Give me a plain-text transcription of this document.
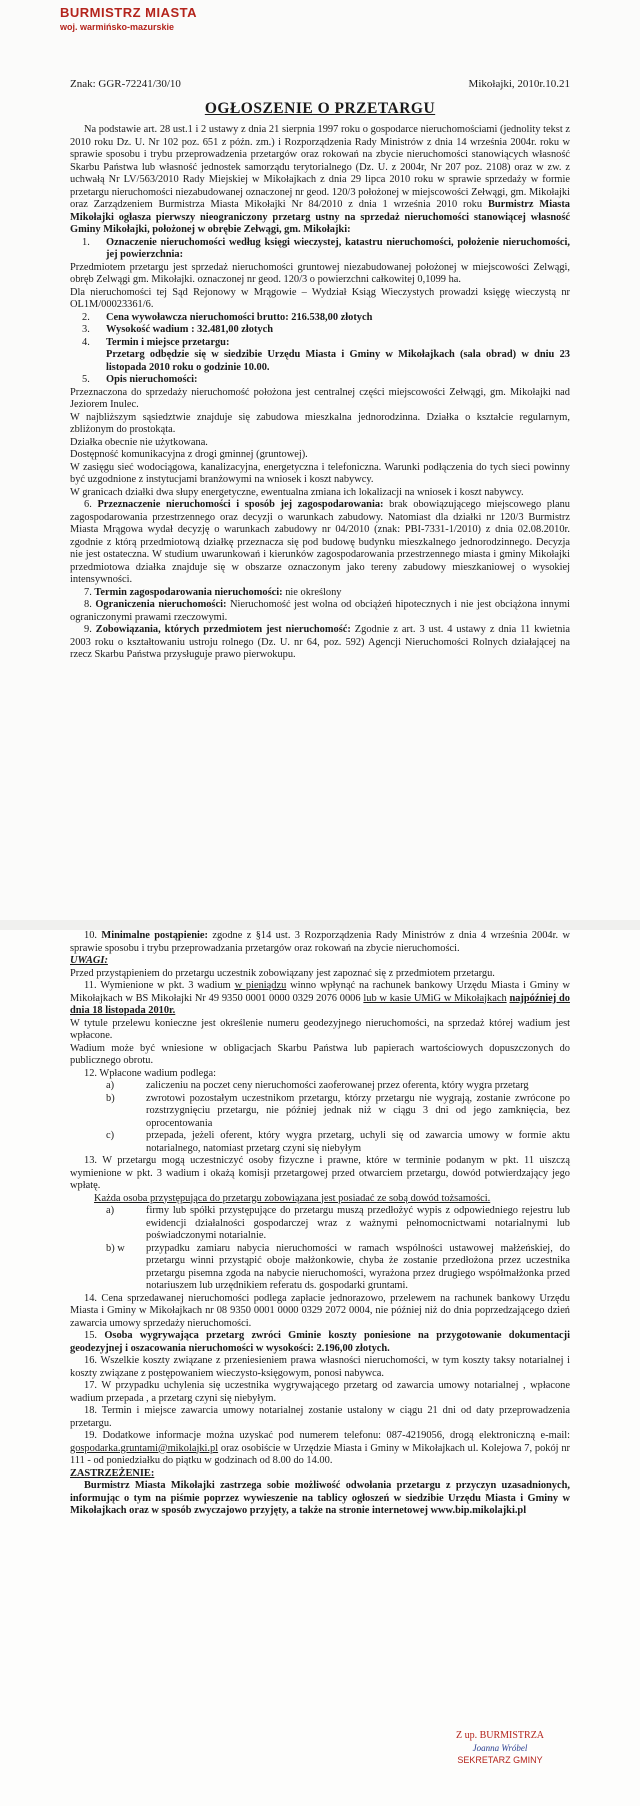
BURMISTRZ MIASTA
woj. warmińsko-mazurskie
Znak: GGR-72241/30/10	Mikołajki, 2010r.10.21
OGŁOSZENIE O PRZETARGU

Na podstawie art. 28 ust.1 i 2 ustawy z dnia 21 sierpnia 1997 roku o gospodarce nieruchomościami (jednolity tekst z 2010 roku Dz. U. Nr 102 poz. 651 z późn. zm.) i Rozporządzenia Rady Ministrów z dnia 14 września 2004r. roku w sprawie sposobu i trybu przeprowadzenia przetargów oraz rokowań na zbycie nieruchomości stanowiących własność Skarbu Państwa lub własność jednostek samorządu terytorialnego (Dz. U. z 2004r, Nr 207 poz. 2108) oraz w zw. z uchwałą Nr LV/563/2010 Rady Miejskiej w Mikołajkach z dnia 29 lipca 2010 roku w sprawie sprzedaży w formie przetargu nieruchomości niezabudowanej oznaczonej nr geod. 120/3 położonej w miejscowości Zełwągi, gm. Mikołajki oraz Zarządzeniem Burmistrza Miasta Mikołajki Nr 84/2010 z dnia 1 września 2010 roku Burmistrz Miasta Mikołajki ogłasza pierwszy nieograniczony przetarg ustny na sprzedaż nieruchomości stanowiącej własność Gminy Mikołajki, położonej w obrębie Zełwągi, gm. Mikołajki:

1.	Oznaczenie nieruchomości według księgi wieczystej, katastru nieruchomości, położenie nieruchomości, jej powierzchnia:

Przedmiotem przetargu jest sprzedaż nieruchomości gruntowej niezabudowanej położonej w miejscowości Zelwągi, obręb Zelwągi gm. Mikołajki. oznaczonej nr geod. 120/3 o powierzchni całkowitej 0,1099 ha.

Dla nieruchomości tej Sąd Rejonowy w Mrągowie – Wydział Ksiąg Wieczystych prowadzi księgę wieczystą nr OL1M/00023361/6.

2.	Cena wywoławcza nieruchomości brutto: 216.538,00 złotych
3.	Wysokość wadium : 32.481,00 złotych
4.	Termin i miejsce przetargu:

Przetarg odbędzie się w siedzibie Urzędu Miasta i Gminy w Mikołajkach (sala obrad) w dniu 23 listopada 2010 roku o godzinie 10.00.

5.	Opis nieruchomości:

Przeznaczona do sprzedaży nieruchomość położona jest centralnej części miejscowości Zełwągi, gm. Mikołajki nad Jeziorem Inulec.

W najbliższym sąsiedztwie znajduje się zabudowa mieszkalna jednorodzinna. Działka o kształcie regularnym, zbliżonym do prostokąta.

Działka obecnie nie użytkowana.

Dostępność komunikacyjna z drogi gminnej (gruntowej).

W zasięgu sieć wodociągowa, kanalizacyjna, energetyczna i telefoniczna. Warunki podłączenia do tych sieci powinny być uzgodnione z instytucjami branżowymi na wniosek i koszt nabywcy.

W granicach działki dwa słupy energetyczne, ewentualna zmiana ich lokalizacji na wniosek i koszt nabywcy.

6. Przeznaczenie nieruchomości i sposób jej zagospodarowania: brak obowiązującego miejscowego planu zagospodarowania przestrzennego oraz decyzji o warunkach zabudowy. Natomiast dla działki nr 120/3 Burmistrz Miasta Mrągowa wydał decyzję o warunkach zabudowy nr 04/2010 (znak: PBI-7331-1/2010) z dnia 02.08.2010r. zgodnie z którą przedmiotową działkę przeznacza się pod budowę budynku mieszkalnego jednorodzinnego. Decyzja nie jest ostateczna. W studium uwarunkowań i kierunków zagospodarowania przestrzennego miasta i gminy Mikołajki przedmiotowa działka znajduje się w obszarze oznaczonym jako tereny zabudowy mieszkaniowej o wysokiej intensywności.

7. Termin zagospodarowania nieruchomości: nie określony

8. Ograniczenia nieruchomości: Nieruchomość jest wolna od obciążeń hipotecznych i nie jest obciążona innymi ograniczonymi prawami rzeczowymi.

9. Zobowiązania, których przedmiotem jest nieruchomość: Zgodnie z art. 3 ust. 4 ustawy z dnia 11 kwietnia 2003 roku o kształtowaniu ustroju rolnego (Dz. U. nr 64, poz. 592) Agencji Nieruchomości Rolnych działającej na rzecz Skarbu Państwa przysługuje prawo pierwokupu.

10. Minimalne postąpienie: zgodne z §14 ust. 3 Rozporządzenia Rady Ministrów z dnia 4 września 2004r. w sprawie sposobu i trybu przeprowadzania przetargów oraz rokowań na zbycie nieruchomości.

UWAGI:

Przed przystąpieniem do przetargu uczestnik zobowiązany jest zapoznać się z przedmiotem przetargu.

11. Wymienione w pkt. 3 wadium w pieniądzu winno wpłynąć na rachunek bankowy Urzędu Miasta i Gminy w Mikołajkach w BS Mikołajki Nr 49 9350 0001 0000 0329 2076 0006 lub w kasie UMiG w Mikołajkach najpóźniej do dnia 18 listopada 2010r.

W tytule przelewu konieczne jest określenie numeru geodezyjnego nieruchomości, na sprzedaż której wadium jest wpłacone.

Wadium może być wniesione w obligacjach Skarbu Państwa lub papierach wartościowych dopuszczonych do publicznego obrotu.

12. Wpłacone wadium podlega:

a)	zaliczeniu na poczet ceny nieruchomości zaoferowanej przez oferenta, który wygra przetarg
b)	zwrotowi pozostałym uczestnikom przetargu, którzy przetargu nie wygrają, zostanie zwrócone po rozstrzygnięciu przetargu, nie później jednak niż w ciągu 3 dni od jego zamknięcia, bez oprocentowania
c)	przepada, jeżeli oferent, który wygra przetarg, uchyli się od zawarcia umowy w formie aktu notarialnego, natomiast przetarg czyni się niebyłym

13. W przetargu mogą uczestniczyć osoby fizyczne i prawne, które w terminie podanym w pkt. 11 uiszczą wymienione w pkt. 3 wadium i okażą komisji przetargowej przed otwarciem przetargu, dowód potwierdzający jego wpłatę.

Każda osoba przystępująca do przetargu zobowiązana jest posiadać ze sobą dowód tożsamości.

a)	firmy lub spółki przystępujące do przetargu muszą przedłożyć wypis z odpowiedniego rejestru lub ewidencji działalności gospodarczej wraz z ważnymi pełnomocnictwami notarialnymi lub poświadczonymi notarialnie.
b) w	przypadku zamiaru nabycia nieruchomości w ramach wspólności ustawowej małżeńskiej, do przetargu winni przystąpić oboje małżonkowie, chyba że zostanie przedłożona przez uczestnika przetargu pisemna zgoda na nabycie nieruchomości, wyrażona przez drugiego współmałżonka przed notariuszem lub urzędnikiem referatu ds. gospodarki gruntami.

14. Cena sprzedawanej nieruchomości podlega zapłacie jednorazowo, przelewem na rachunek bankowy Urzędu Miasta i Gminy w Mikołajkach nr 08 9350 0001 0000 0329 2072 0004, nie później niż do dnia poprzedzającego dzień zawarcia umowy sprzedaży nieruchomości.

15. Osoba wygrywająca przetarg zwróci Gminie koszty poniesione na przygotowanie dokumentacji geodezyjnej i oszacowania nieruchomości w wysokości: 2.196,00 złotych.

16. Wszelkie koszty związane z przeniesieniem prawa własności nieruchomości, w tym koszty taksy notarialnej i koszty związane z postępowaniem wieczysto-księgowym, ponosi nabywca.

17. W przypadku uchylenia się uczestnika wygrywającego przetarg od zawarcia umowy notarialnej , wpłacone wadium przepada , a przetarg czyni się niebyłym.

18. Termin i miejsce zawarcia umowy notarialnej zostanie ustalony w ciągu 21 dni od daty przeprowadzenia przetargu.

19. Dodatkowe informacje można uzyskać pod numerem telefonu: 087-4219056, drogą elektroniczną e-mail: gospodarka.gruntami@mikolajki.pl oraz osobiście w Urzędzie Miasta i Gminy w Mikołajkach ul. Kolejowa 7, pokój nr 111 - od poniedziałku do piątku w godzinach od 8.00 do 14.00.

ZASTRZEŻENIE:

Burmistrz Miasta Mikołajki zastrzega sobie możliwość odwołania przetargu z przyczyn uzasadnionych, informując o tym na piśmie poprzez wywieszenie na tablicy ogłoszeń w siedzibie Urzędu Miasta i Gminy w Mikołajkach oraz w sposób zwyczajowo przyjęty, a także na stronie internetowej www.bip.mikolajki.pl

Z up. BURMISTRZA
Joanna Wróbel
SEKRETARZ GMINY
